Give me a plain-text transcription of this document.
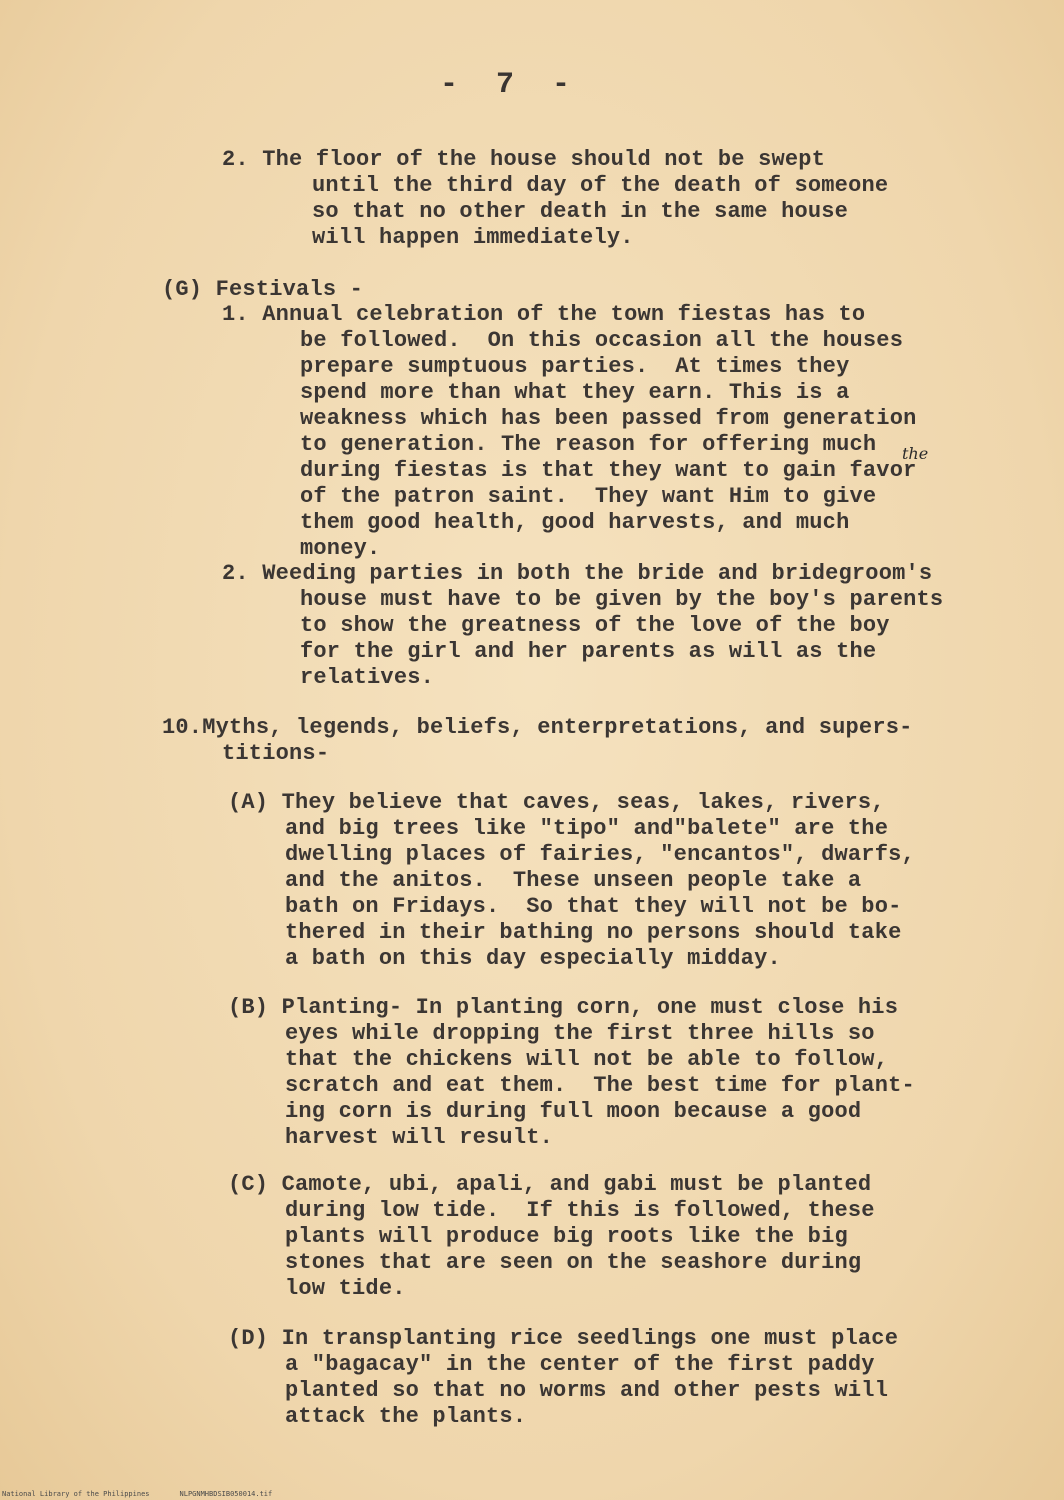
- 7 -
2. The floor of the house should not be swept
until the third day of the death of someone
so that no other death in the same house
will happen immediately.
(G) Festivals -
1. Annual celebration of the town fiestas has to
be followed.  On this occasion all the houses
prepare sumptuous parties.  At times they
spend more than what they earn. This is a
weakness which has been passed from generation
to generation. The reason for offering much
during fiestas is that they want to gain favor
the
of the patron saint.  They want Him to give
them good health, good harvests, and much
money.
2. Weeding parties in both the bride and bridegroom's
house must have to be given by the boy's parents
to show the greatness of the love of the boy
for the girl and her parents as will as the
relatives.
10.Myths, legends, beliefs, enterpretations, and supers-
titions-
(A) They believe that caves, seas, lakes, rivers,
and big trees like "tipo" and"balete" are the
dwelling places of fairies, "encantos", dwarfs,
and the anitos.  These unseen people take a
bath on Fridays.  So that they will not be bo-
thered in their bathing no persons should take
a bath on this day especially midday.
(B) Planting- In planting corn, one must close his
eyes while dropping the first three hills so
that the chickens will not be able to follow,
scratch and eat them.  The best time for plant-
ing corn is during full moon because a good
harvest will result.
(C) Camote, ubi, apali, and gabi must be planted
during low tide.  If this is followed, these
plants will produce big roots like the big
stones that are seen on the seashore during
low tide.
(D) In transplanting rice seedlings one must place
a "bagacay" in the center of the first paddy
planted so that no worms and other pests will
attack the plants.
National Library of the Philippines	NLPGNMHBDSIB050014.tif
